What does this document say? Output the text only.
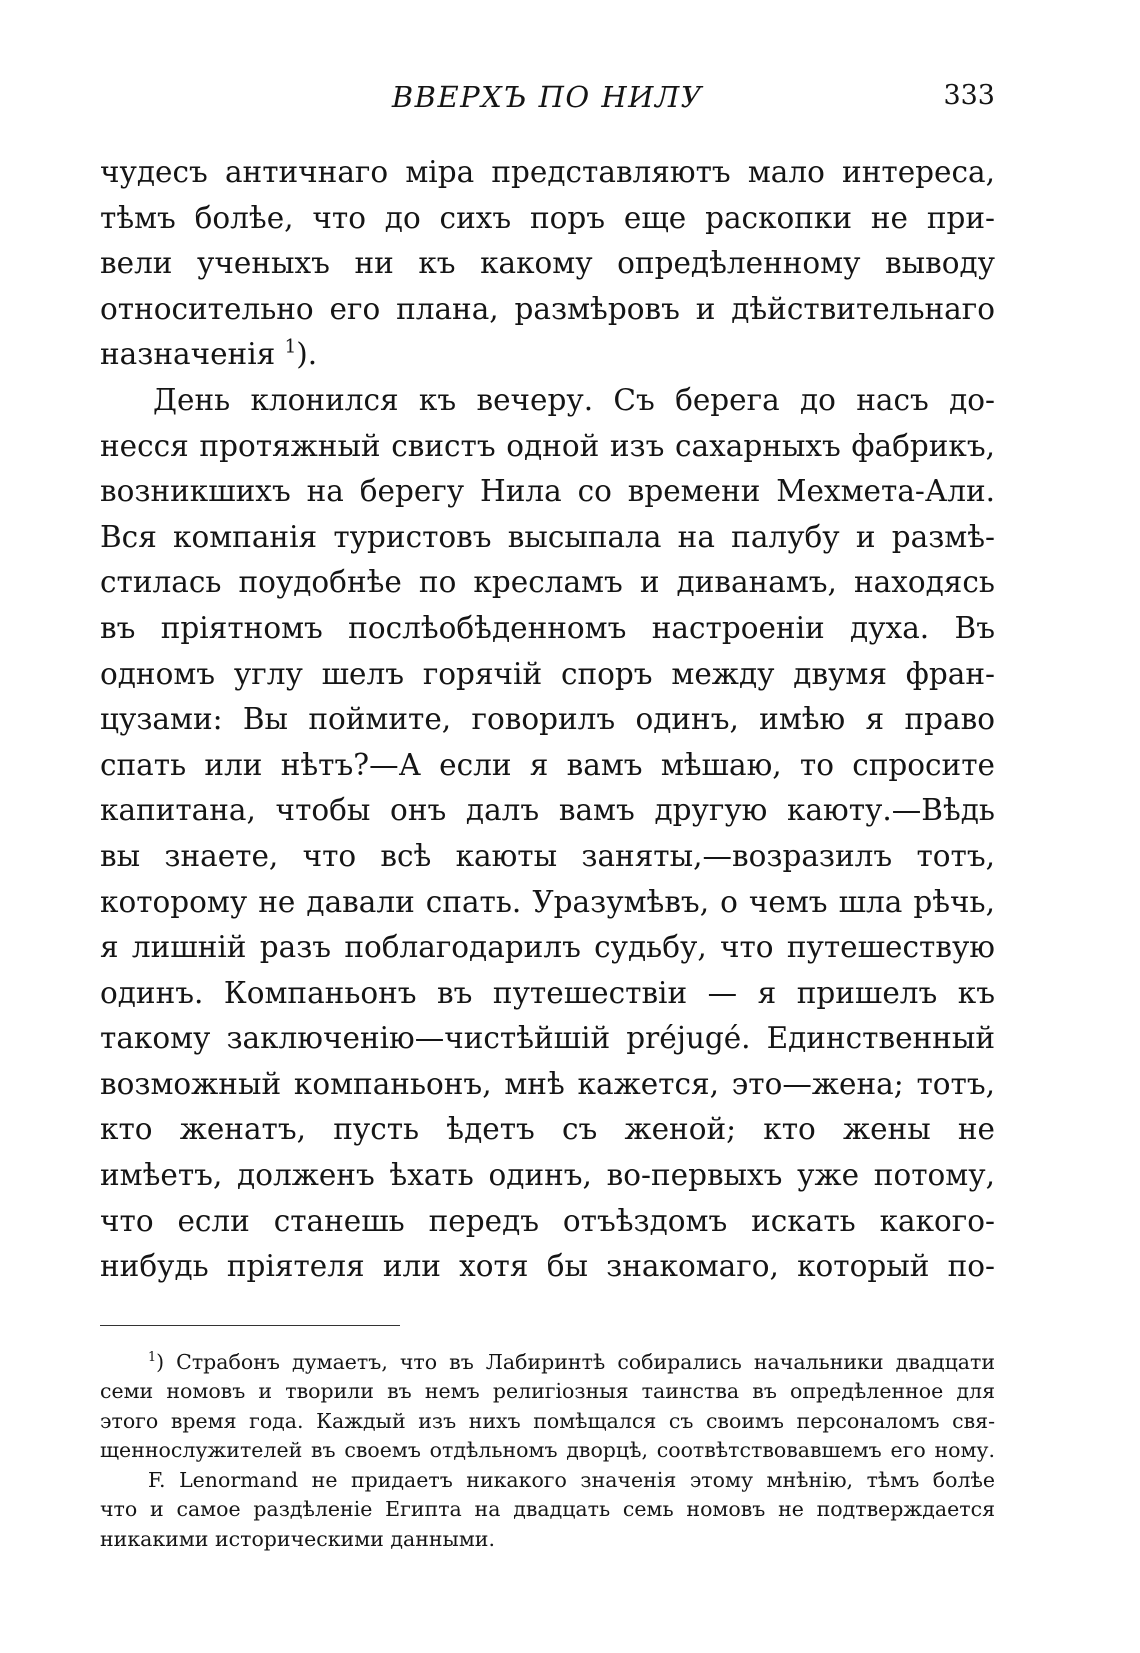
ВВЕРХЪ ПО НИЛУ	333
чудесъ античнаго міра представляютъ мало интереса,
тѣмъ болѣе, что до сихъ поръ еще раскопки не при-
вели ученыхъ ни къ какому опредѣленному выводу
относительно его плана, размѣровъ и дѣйствительнаго
назначенія $^1$).
День клонился къ вечеру. Съ берега до насъ до-
несся протяжный свистъ одной изъ сахарныхъ фабрикъ,
возникшихъ на берегу Нила со времени Мехмета-Али.
Вся компанія туристовъ высыпала на палубу и размѣ-
стилась поудобнѣе по кресламъ и диванамъ, находясь
въ пріятномъ послѣобѣденномъ настроеніи духа. Въ
одномъ углу шелъ горячій споръ между двумя фран-
цузами: Вы поймите, говорилъ одинъ, имѣю я право
спать или нѣтъ?—А если я вамъ мѣшаю, то спросите
капитана, чтобы онъ далъ вамъ другую каюту.—Вѣдь
вы знаете, что всѣ каюты заняты,—возразилъ тотъ,
которому не давали спать. Уразумѣвъ, о чемъ шла рѣчь,
я лишній разъ поблагодарилъ судьбу, что путешествую
одинъ. Компаньонъ въ путешествіи — я пришелъ къ
такому заключенію—чистѣйшій préjugé. Единственный
возможный компаньонъ, мнѣ кажется, это—жена; тотъ,
кто женатъ, пусть ѣдетъ съ женой; кто жены не
имѣетъ, долженъ ѣхать одинъ, во-первыхъ уже потому,
что если станешь передъ отъѣздомъ искать какого-
нибудь пріятеля или хотя бы знакомаго, который по-
$^1$) Страбонъ думаетъ, что въ Лабиринтѣ собирались начальники двадцати
семи номовъ и творили въ немъ религіозныя таинства въ опредѣленное для
этого время года. Каждый изъ нихъ помѣщался съ своимъ персоналомъ свя-
щеннослужителей въ своемъ отдѣльномъ дворцѣ, соотвѣтствовавшемъ его ному.
F. Lenormand не придаетъ никакого значенія этому мнѣнію, тѣмъ болѣе
что и самое раздѣленіе Египта на двадцать семь номовъ не подтверждается
никакими историческими данными.
